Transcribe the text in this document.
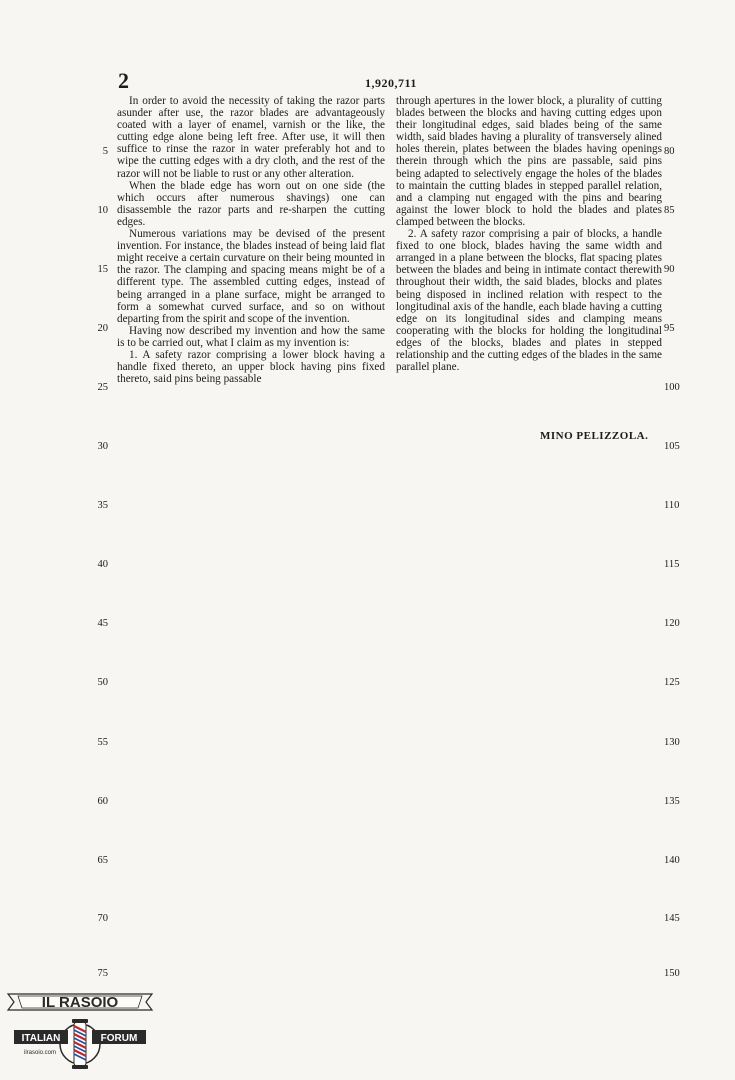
2	1,920,711

In order to avoid the necessity of taking the razor parts asunder after use, the razor blades are advantageously coated with a layer of enamel, varnish or the like, the cutting edge alone being left free. After use, it will then suffice to rinse the razor in water preferably hot and to wipe the cutting edges with a dry cloth, and the rest of the razor will not be liable to rust or any other alteration.

When the blade edge has worn out on one side (the which occurs after numerous shavings) one can disassemble the razor parts and re-sharpen the cutting edges.

Numerous variations may be devised of the present invention. For instance, the blades instead of being laid flat might receive a certain curvature on their being mounted in the razor. The clamping and spacing means might be of a different type. The assembled cutting edges, instead of being arranged in a plane surface, might be arranged to form a somewhat curved surface, and so on without departing from the spirit and scope of the invention.

Having now described my invention and how the same is to be carried out, what I claim as my invention is:

1. A safety razor comprising a lower block having a handle fixed thereto, an upper block having pins fixed thereto, said pins being passable

through apertures in the lower block, a plurality of cutting blades between the blocks and having cutting edges upon their longitudinal edges, said blades being of the same width, said blades having a plurality of transversely alined holes therein, plates between the blades having openings therein through which the pins are passable, said pins being adapted to selectively engage the holes of the blades to maintain the cutting blades in stepped parallel relation, and a clamping nut engaged with the pins and bearing against the lower block to hold the blades and plates clamped between the blocks.

2. A safety razor comprising a pair of blocks, a handle fixed to one block, blades having the same width and arranged in a plane between the blocks, flat spacing plates between the blades and being in intimate contact therewith throughout their width, the said blades, blocks and plates being disposed in inclined relation with respect to the longitudinal axis of the handle, each blade having a cutting edge on its longitudinal sides and clamping means cooperating with the blocks for holding the longitudinal edges of the blocks, blades and plates in stepped relationship and the cutting edges of the blades in the same parallel plane.

MINO PELIZZOLA.
5
10
15
20
25
30
35
40
45
50
55
60
65
70
75
80
85
90
95
100
105
110
115
120
125
130
135
140
145
150
IL RASOIO
ITALIAN	FORUM
ilrasoio.com
